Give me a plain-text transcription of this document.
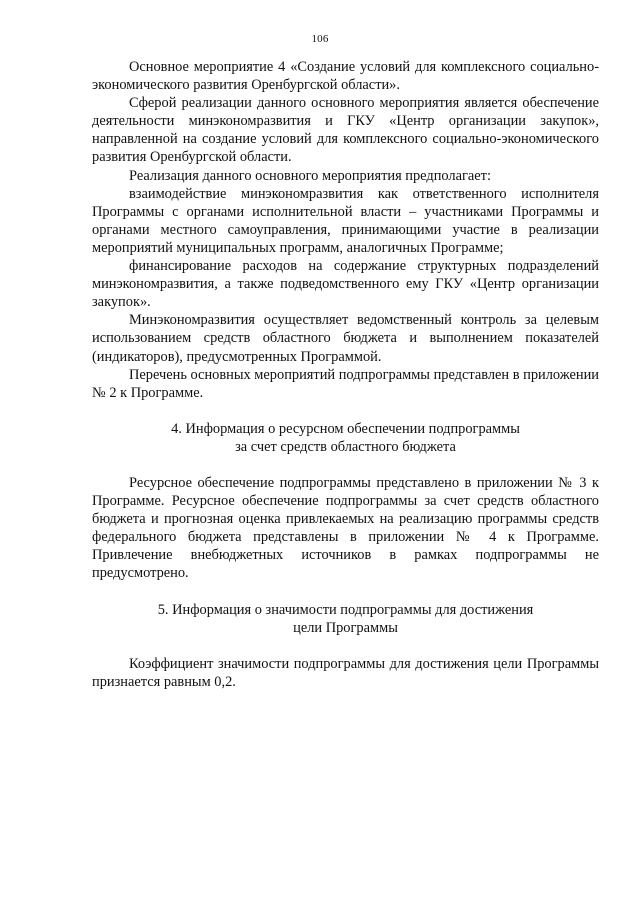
106

Основное мероприятие 4 «Создание условий для комплексного социально-экономического развития Оренбургской области».

Сферой реализации данного основного мероприятия является обеспечение деятельности минэкономразвития и ГКУ «Центр организации закупок», направленной на создание условий для комплексного социально-экономического развития Оренбургской области.

Реализация данного основного мероприятия предполагает:

взаимодействие минэкономразвития как ответственного исполнителя Программы с органами исполнительной власти – участниками Программы и органами местного самоуправления, принимающими участие в реализации мероприятий муниципальных программ, аналогичных Программе;

финансирование расходов на содержание структурных подразделений минэкономразвития, а также подведомственного ему ГКУ «Центр организации закупок».

Минэкономразвития осуществляет ведомственный контроль за целевым использованием средств областного бюджета и выполнением показателей (индикаторов), предусмотренных Программой.

Перечень основных мероприятий подпрограммы представлен в приложении № 2 к Программе.

4. Информация о ресурсном обеспечении подпрограммы
за счет средств областного бюджета

Ресурсное обеспечение подпрограммы представлено в приложении № 3 к Программе. Ресурсное обеспечение подпрограммы за счет средств областного бюджета и прогнозная оценка привлекаемых на реализацию программы средств федерального бюджета представлены в приложении № 4 к Программе. Привлечение внебюджетных источников в рамках подпрограммы не предусмотрено.

5. Информация о значимости подпрограммы для достижения
цели Программы

Коэффициент значимости подпрограммы для достижения цели Программы признается равным 0,2.
